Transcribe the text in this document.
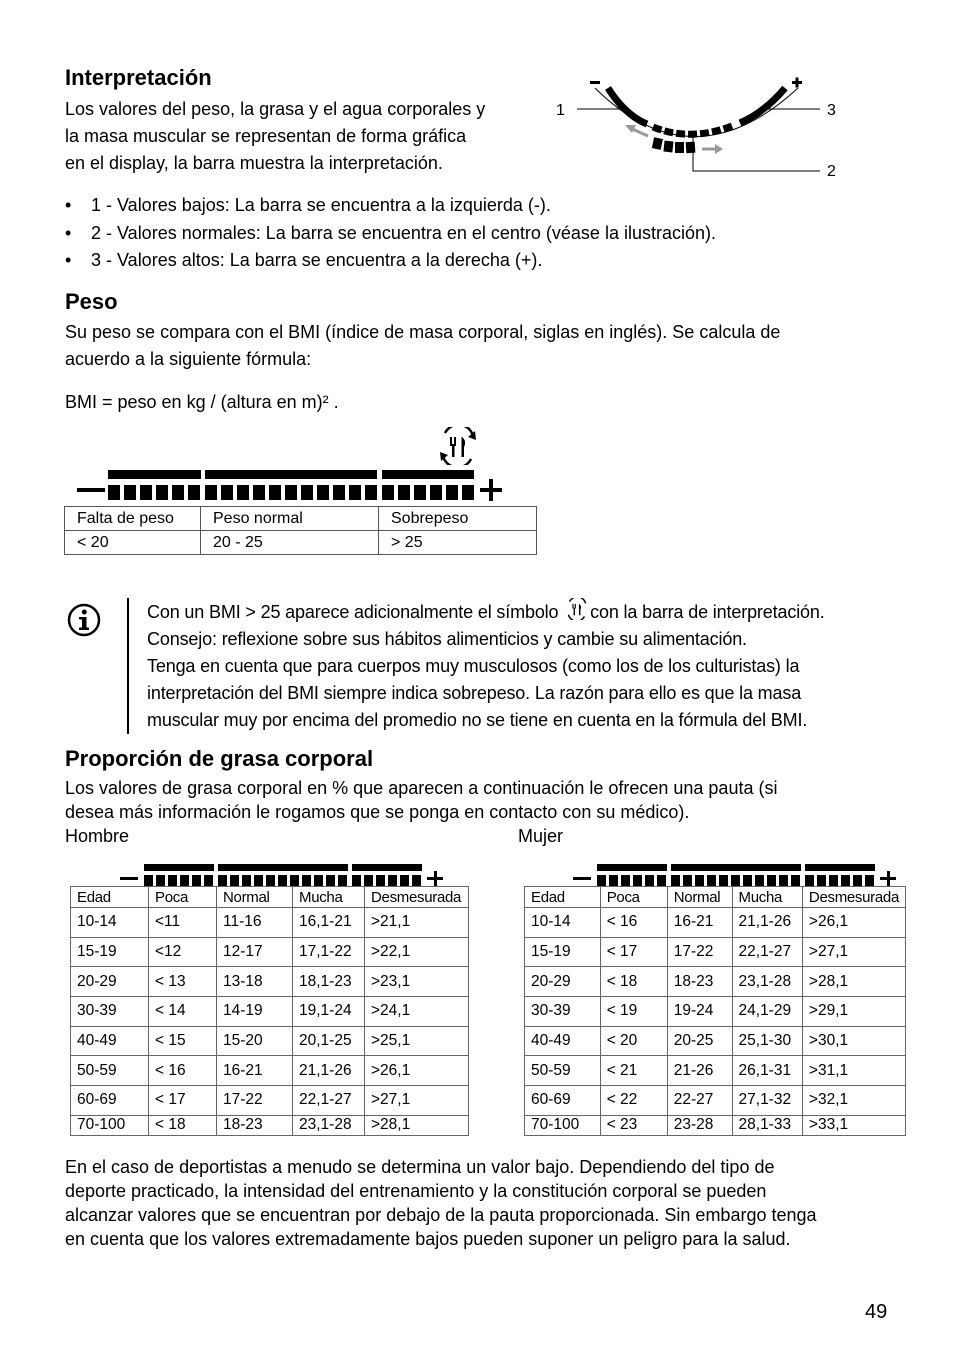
Interpretación

Los valores del peso, la grasa y el agua corporales y

la masa muscular se representan de forma gráfica

en el display, la barra muestra la interpretación.

1	3
2
• 1 - Valores bajos: La barra se encuentra a la izquierda (-).
• 2 - Valores normales: La barra se encuentra en el centro (véase la ilustración).
• 3 - Valores altos: La barra se encuentra a la derecha (+).
Peso

Su peso se compara con el BMI (índice de masa corporal, siglas en inglés). Se calcula de

acuerdo a la siguiente fórmula:

BMI = peso en kg / (altura en m)² .
Falta de peso	Peso normal	Sobrepeso
< 20	20 - 25	> 25

Con un BMI > 25 aparece adicionalmente el símbolo con la barra de interpretación.

Consejo: reflexione sobre sus hábitos alimenticios y cambie su alimentación.

Tenga en cuenta que para cuerpos muy musculosos (como los de los culturistas) la

interpretación del BMI siempre indica sobrepeso. La razón para ello es que la masa

muscular muy por encima del promedio no se tiene en cuenta en la fórmula del BMI.

Proporción de grasa corporal

Los valores de grasa corporal en % que aparecen a continuación le ofrecen una pauta (si

desea más información le rogamos que se ponga en contacto con su médico).

Hombre	Mujer
Edad	Poca	Normal	Mucha	Desmesurada
10-14	<11	11-16	16,1-21	>21,1
15-19	<12	12-17	17,1-22	>22,1
20-29	< 13	13-18	18,1-23	>23,1
30-39	< 14	14-19	19,1-24	>24,1
40-49	< 15	15-20	20,1-25	>25,1
50-59	< 16	16-21	21,1-26	>26,1
60-69	< 17	17-22	22,1-27	>27,1
70-100	< 18	18-23	23,1-28	>28,1
Edad	Poca	Normal	Mucha	Desmesurada
10-14	< 16	16-21	21,1-26	>26,1
15-19	< 17	17-22	22,1-27	>27,1
20-29	< 18	18-23	23,1-28	>28,1
30-39	< 19	19-24	24,1-29	>29,1
40-49	< 20	20-25	25,1-30	>30,1
50-59	< 21	21-26	26,1-31	>31,1
60-69	< 22	22-27	27,1-32	>32,1
70-100	< 23	23-28	28,1-33	>33,1

En el caso de deportistas a menudo se determina un valor bajo. Dependiendo del tipo de

deporte practicado, la intensidad del entrenamiento y la constitución corporal se pueden

alcanzar valores que se encuentran por debajo de la pauta proporcionada. Sin embargo tenga

en cuenta que los valores extremadamente bajos pueden suponer un peligro para la salud.

49
